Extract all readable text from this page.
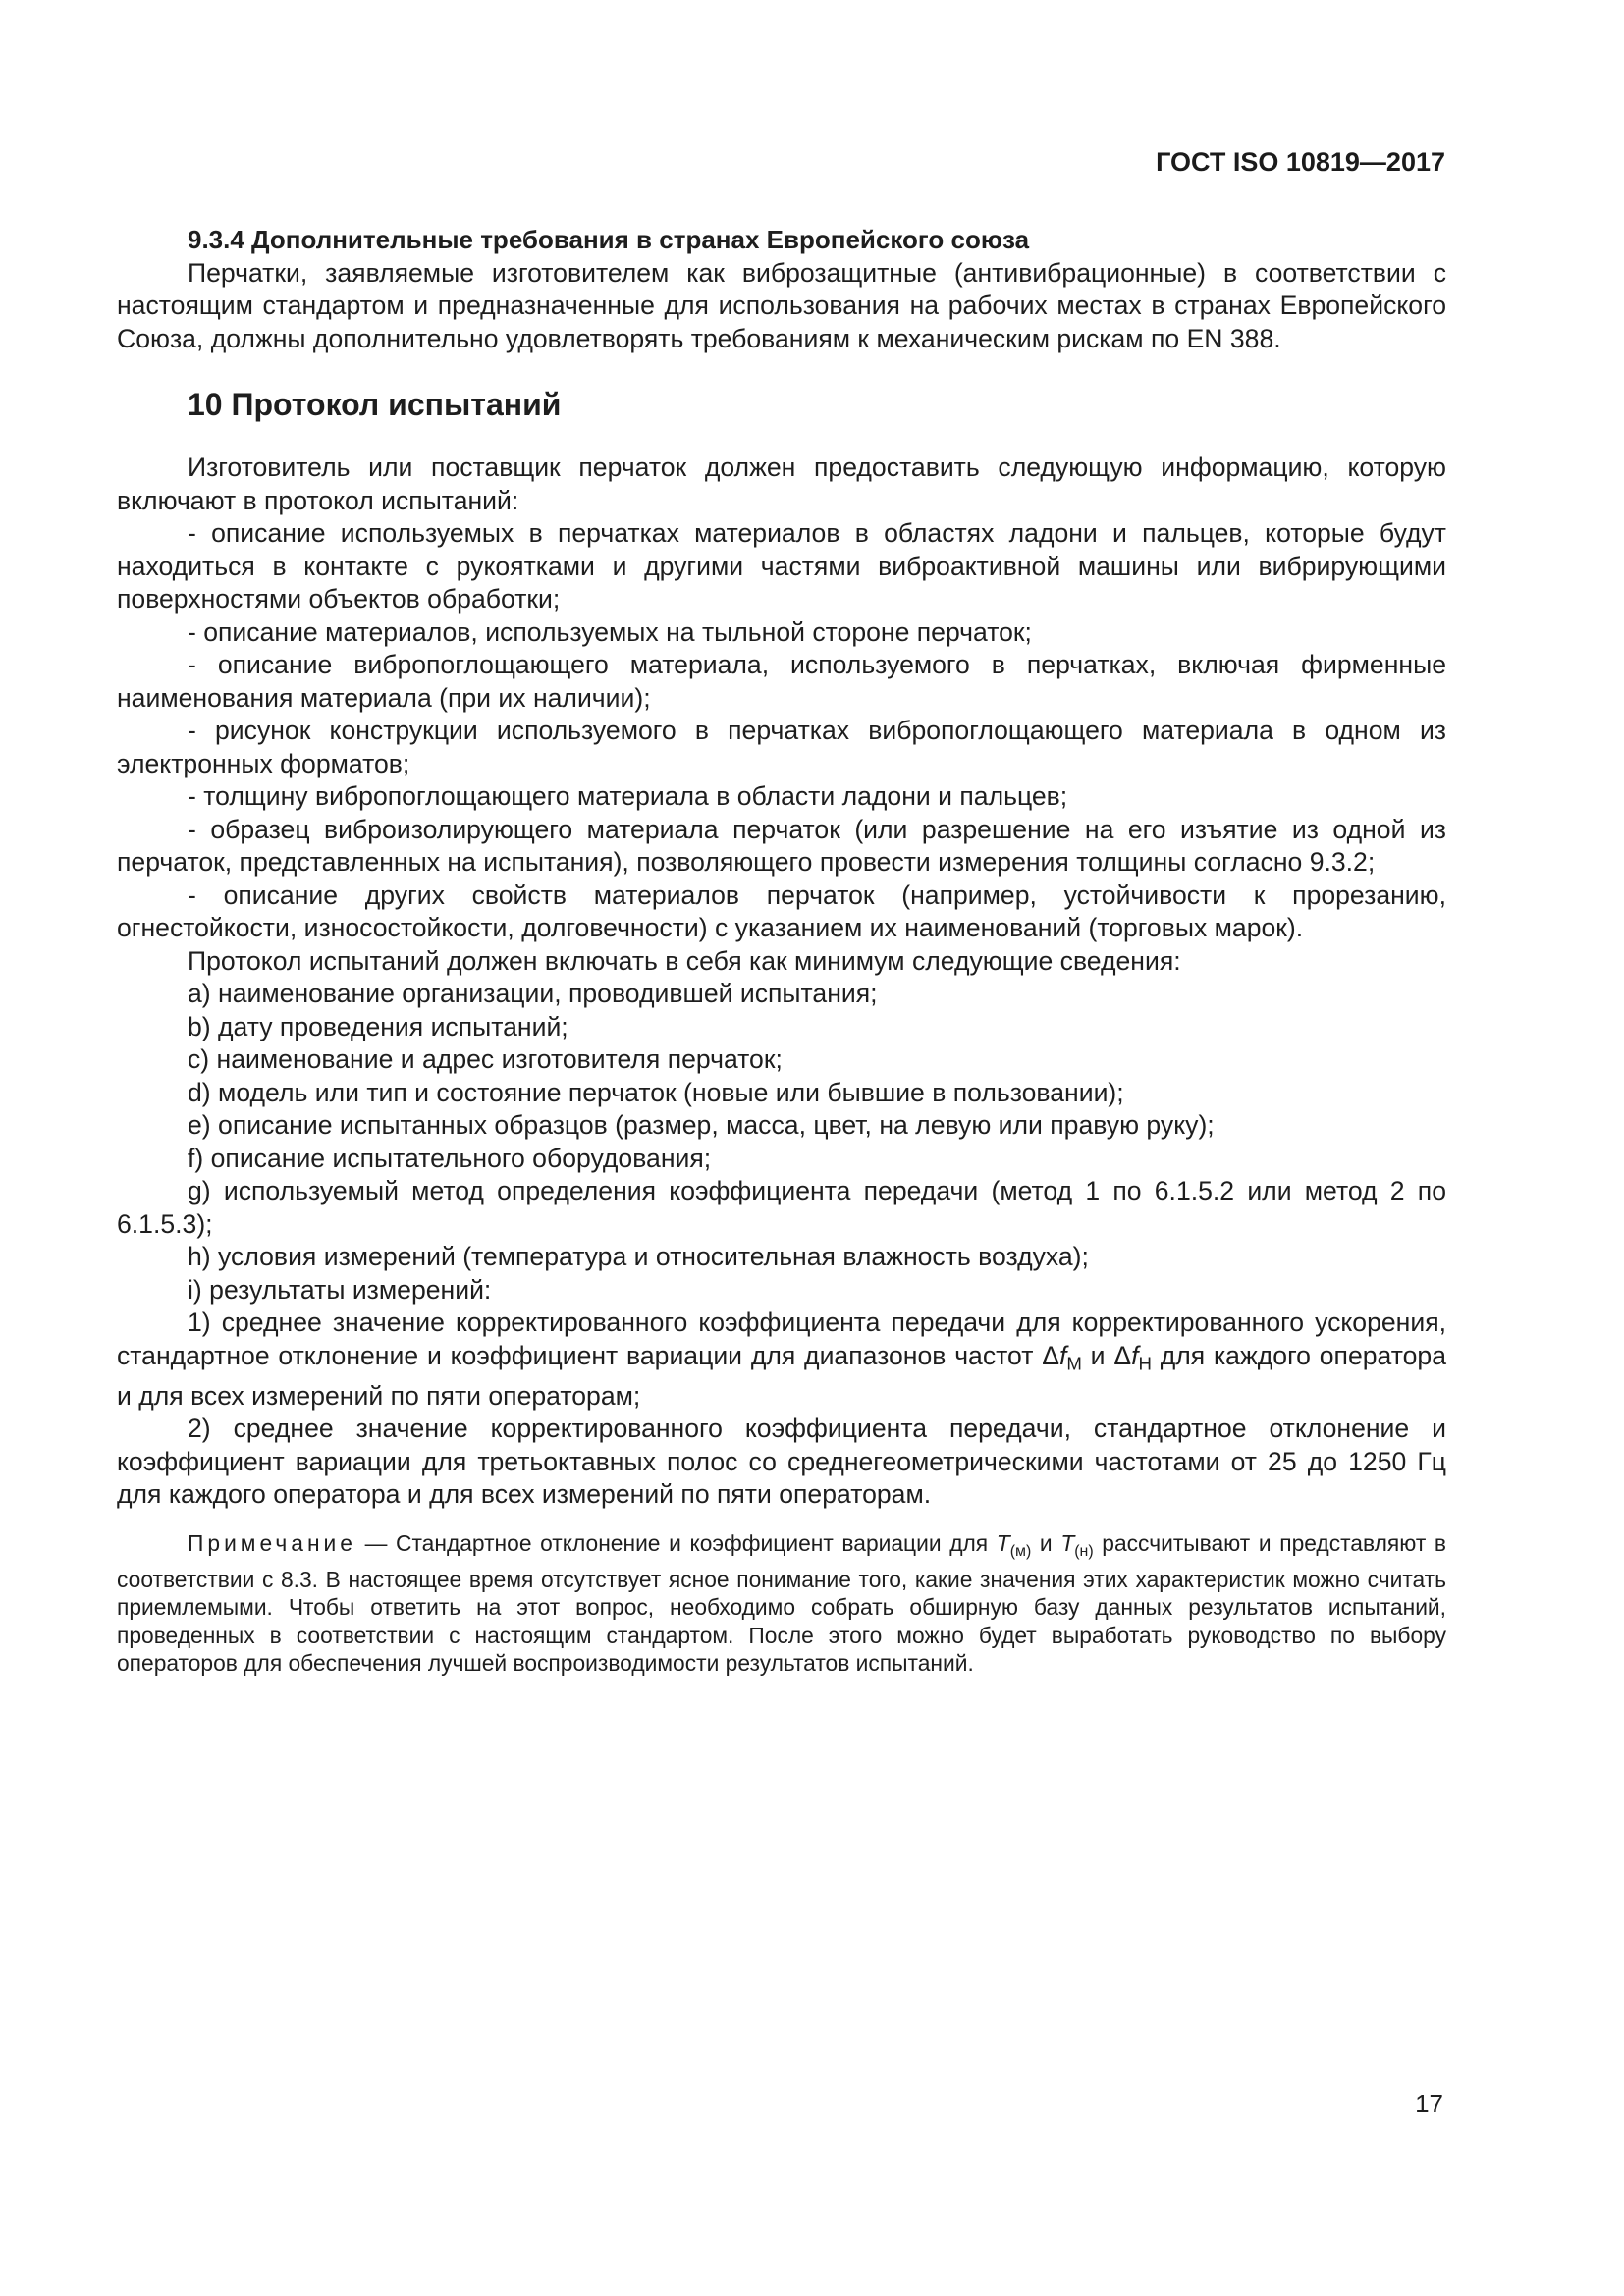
ГОСТ ISO 10819—2017
9.3.4 Дополнительные требования в странах Европейского союза

Перчатки, заявляемые изготовителем как виброзащитные (антивибрационные) в соответствии с настоящим стандартом и предназначенные для использования на рабочих местах в странах Европейского Союза, должны дополнительно удовлетворять требованиям к механическим рискам по EN 388.

10 Протокол испытаний

Изготовитель или поставщик перчаток должен предоставить следующую информацию, которую включают в протокол испытаний:

- описание используемых в перчатках материалов в областях ладони и пальцев, которые будут находиться в контакте с рукоятками и другими частями виброактивной машины или вибрирующими поверхностями объектов обработки;

- описание материалов, используемых на тыльной стороне перчаток;

- описание вибропоглощающего материала, используемого в перчатках, включая фирменные наименования материала (при их наличии);

- рисунок конструкции используемого в перчатках вибропоглощающего материала в одном из электронных форматов;

- толщину вибропоглощающего материала в области ладони и пальцев;

- образец виброизолирующего материала перчаток (или разрешение на его изъятие из одной из перчаток, представленных на испытания), позволяющего провести измерения толщины согласно 9.3.2;

- описание других свойств материалов перчаток (например, устойчивости к прорезанию, огнестойкости, износостойкости, долговечности) с указанием их наименований (торговых марок).

Протокол испытаний должен включать в себя как минимум следующие сведения:

a) наименование организации, проводившей испытания;

b) дату проведения испытаний;

c) наименование и адрес изготовителя перчаток;

d) модель или тип и состояние перчаток (новые или бывшие в пользовании);

e) описание испытанных образцов (размер, масса, цвет, на левую или правую руку);

f) описание испытательного оборудования;

g) используемый метод определения коэффициента передачи (метод 1 по 6.1.5.2 или метод 2 по 6.1.5.3);

h) условия измерений (температура и относительная влажность воздуха);

i) результаты измерений:

1) среднее значение корректированного коэффициента передачи для корректированного ускорения, стандартное отклонение и коэффициент вариации для диапазонов частот $\Delta f_М$ и $\Delta f_Н$ для каждого оператора и для всех измерений по пяти операторам;

2) среднее значение корректированного коэффициента передачи, стандартное отклонение и коэффициент вариации для третьоктавных полос со среднегеометрическими частотами от 25 до 1250 Гц для каждого оператора и для всех измерений по пяти операторам.

Примечание — Стандартное отклонение и коэффициент вариации для $T_{(м)}$ и $T_{(н)}$ рассчитывают и представляют в соответствии с 8.3. В настоящее время отсутствует ясное понимание того, какие значения этих характеристик можно считать приемлемыми. Чтобы ответить на этот вопрос, необходимо собрать обширную базу данных результатов испытаний, проведенных в соответствии с настоящим стандартом. После этого можно будет выработать руководство по выбору операторов для обеспечения лучшей воспроизводимости результатов испытаний.

17
